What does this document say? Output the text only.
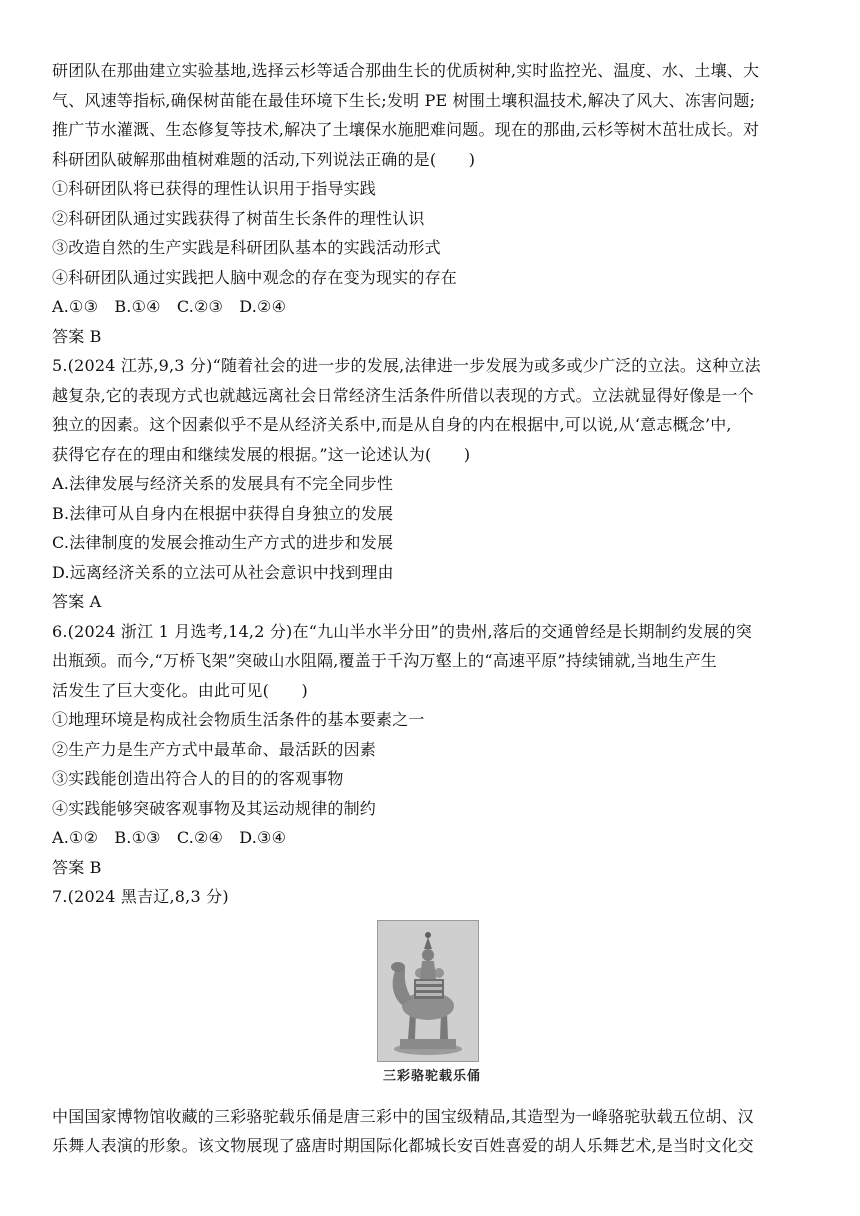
研团队在那曲建立实验基地,选择云杉等适合那曲生长的优质树种,实时监控光、温度、水、土壤、大
气、风速等指标,确保树苗能在最佳环境下生长;发明 PE 树围土壤积温技术,解决了风大、冻害问题;
推广节水灌溉、生态修复等技术,解决了土壤保水施肥难问题。现在的那曲,云杉等树木茁壮成长。对
科研团队破解那曲植树难题的活动,下列说法正确的是(　　)
①科研团队将已获得的理性认识用于指导实践
②科研团队通过实践获得了树苗生长条件的理性认识
③改造自然的生产实践是科研团队基本的实践活动形式
④科研团队通过实践把人脑中观念的存在变为现实的存在
A.①③　B.①④　C.②③　D.②④
答案 B
5.(2024 江苏,9,3 分)“随着社会的进一步的发展,法律进一步发展为或多或少广泛的立法。这种立法
越复杂,它的表现方式也就越远离社会日常经济生活条件所借以表现的方式。立法就显得好像是一个
独立的因素。这个因素似乎不是从经济关系中,而是从自身的内在根据中,可以说,从‘意志概念’中,
获得它存在的理由和继续发展的根据。”这一论述认为(　　)
A.法律发展与经济关系的发展具有不完全同步性
B.法律可从自身内在根据中获得自身独立的发展
C.法律制度的发展会推动生产方式的进步和发展
D.远离经济关系的立法可从社会意识中找到理由
答案 A
6.(2024 浙江 1 月选考,14,2 分)在“九山半水半分田”的贵州,落后的交通曾经是长期制约发展的突
出瓶颈。而今,“万桥飞架”突破山水阻隔,覆盖于千沟万壑上的“高速平原”持续铺就,当地生产生
活发生了巨大变化。由此可见(　　)
①地理环境是构成社会物质生活条件的基本要素之一
②生产力是生产方式中最革命、最活跃的因素
③实践能创造出符合人的目的的客观事物
④实践能够突破客观事物及其运动规律的制约
A.①②　B.①③　C.②④　D.③④
答案 B
7.(2024 黑吉辽,8,3 分)
三彩骆驼载乐俑
中国国家博物馆收藏的三彩骆驼载乐俑是唐三彩中的国宝级精品,其造型为一峰骆驼驮载五位胡、汉
乐舞人表演的形象。该文物展现了盛唐时期国际化都城长安百姓喜爱的胡人乐舞艺术,是当时文化交
